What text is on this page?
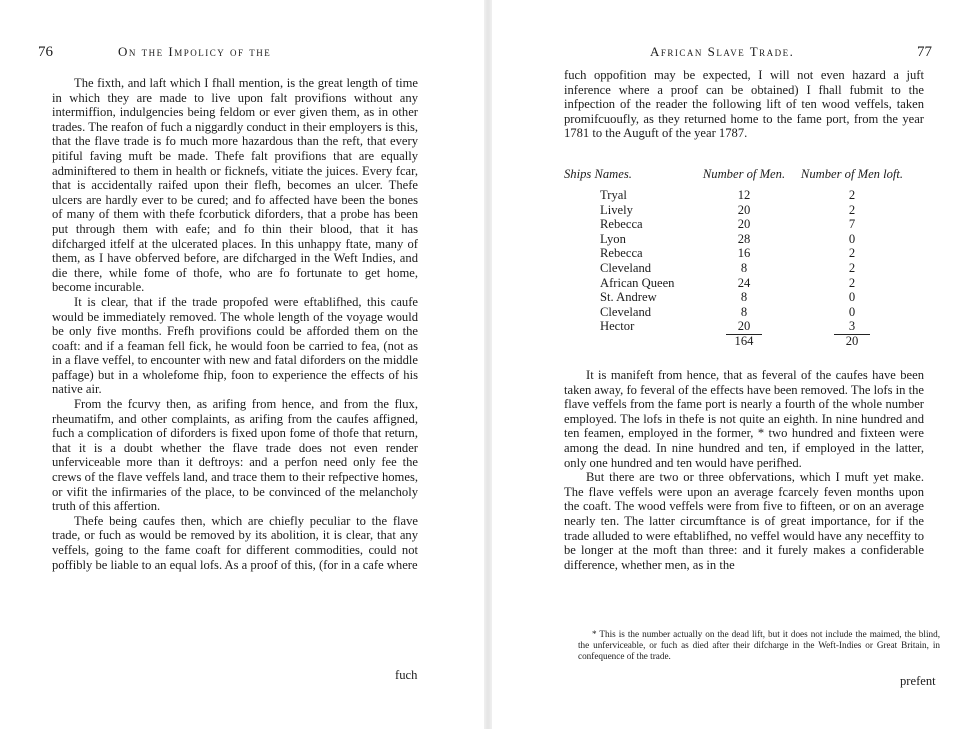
76	On the Impolicy of the

The fixth, and laft which I fhall mention, is the great length of time in which they are made to live upon falt provifions without any intermiffion, indulgencies being feldom or ever given them, as in other trades. The reafon of fuch a niggardly conduct in their employers is this, that the flave trade is fo much more hazardous than the reft, that every pitiful faving muft be made. Thefe falt provifions that are equally adminiftered to them in health or ficknefs, vitiate the juices. Every fcar, that is accidentally raifed upon their flefh, becomes an ulcer. Thefe ulcers are hardly ever to be cured; and fo affected have been the bones of many of them with thefe fcorbutick diforders, that a probe has been put through them with eafe; and fo thin their blood, that it has difcharged itfelf at the ulcerated places. In this unhappy ftate, many of them, as I have obferved before, are difcharged in the Weft Indies, and die there, while fome of thofe, who are fo fortunate to get home, become incurable.

It is clear, that if the trade propofed were eftablifhed, this caufe would be immediately removed. The whole length of the voyage would be only five months. Frefh provifions could be afforded them on the coaft: and if a feaman fell fick, he would foon be carried to fea, (not as in a flave veffel, to encounter with new and fatal diforders on the middle paffage) but in a wholefome fhip, foon to experience the effects of his native air.

From the fcurvy then, as arifing from hence, and from the flux, rheumatifm, and other complaints, as arifing from the caufes affigned, fuch a complication of diforders is fixed upon fome of thofe that return, that it is a doubt whether the flave trade does not even render unferviceable more than it deftroys: and a perfon need only fee the crews of the flave veffels land, and trace them to their refpective homes, or vifit the infirmaries of the place, to be convinced of the melancholy truth of this affertion.

Thefe being caufes then, which are chiefly peculiar to the flave trade, or fuch as would be removed by its abolition, it is clear, that any veffels, going to the fame coaft for different commodities, could not poffibly be liable to an equal lofs. As a proof of this, (for in a cafe where

fuch
African Slave Trade.	77

fuch oppofition may be expected, I will not even hazard a juft inference where a proof can be obtained) I fhall fubmit to the infpection of the reader the following lift of ten wood veffels, taken promifcuoufly, as they returned home to the fame port, from the year 1781 to the Auguft of the year 1787.

Ships Names.	Number of Men.	Number of Men loft.
Tryal	12	2
Lively	20	2
Rebecca	20	7
Lyon	28	0
Rebecca	16	2
Cleveland	8	2
African Queen	24	2
St. Andrew	8	0
Cleveland	8	0
Hector	20	3
	164	20

It is manifeft from hence, that as feveral of the caufes have been taken away, fo feveral of the effects have been removed. The lofs in the flave veffels from the fame port is nearly a fourth of the whole number employed. The lofs in thefe is not quite an eighth. In nine hundred and ten feamen, employed in the former, * two hundred and fixteen were among the dead. In nine hundred and ten, if employed in the latter, only one hundred and ten would have perifhed.

But there are two or three obfervations, which I muft yet make. The flave veffels were upon an average fcarcely feven months upon the coaft. The wood veffels were from five to fifteen, or on an average nearly ten. The latter circumftance is of great importance, for if the trade alluded to were eftablifhed, no veffel would have any neceffity to be longer at the moft than three: and it furely makes a confiderable difference, whether men, as in the

* This is the number actually on the dead lift, but it does not include the maimed, the blind, the unferviceable, or fuch as died after their difcharge in the Weft-Indies or Great Britain, in confequence of the trade.
prefent
